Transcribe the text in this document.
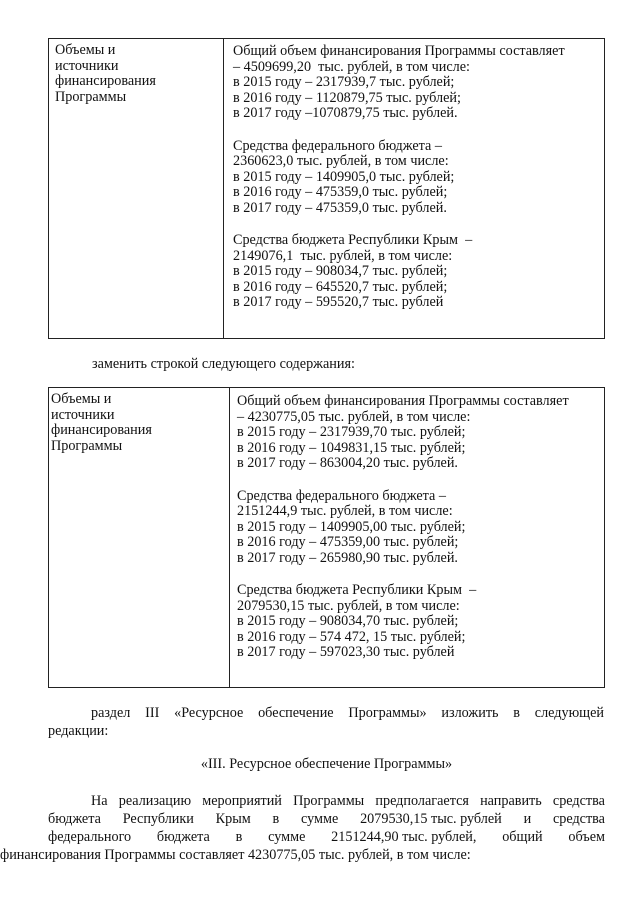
Объемы и
источники
финансирования
Программы
Общий объем финансирования Программы составляет
– 4509699,20  тыс. рублей, в том числе:
в 2015 году – 2317939,7 тыс. рублей;
в 2016 году – 1120879,75 тыс. рублей;
в 2017 году –1070879,75 тыс. рублей.
Средства федерального бюджета –
2360623,0 тыс. рублей, в том числе:
в 2015 году – 1409905,0 тыс. рублей;
в 2016 году – 475359,0 тыс. рублей;
в 2017 году – 475359,0 тыс. рублей.
Средства бюджета Республики Крым  –
2149076,1  тыс. рублей, в том числе:
в 2015 году – 908034,7 тыс. рублей;
в 2016 году – 645520,7 тыс. рублей;
в 2017 году – 595520,7 тыс. рублей
заменить строкой следующего содержания:
Объемы и
источники
финансирования
Программы
Общий объем финансирования Программы составляет
– 4230775,05 тыс. рублей, в том числе:
в 2015 году – 2317939,70 тыс. рублей;
в 2016 году – 1049831,15 тыс. рублей;
в 2017 году – 863004,20 тыс. рублей.
Средства федерального бюджета –
2151244,9 тыс. рублей, в том числе:
в 2015 году – 1409905,00 тыс. рублей;
в 2016 году – 475359,00 тыс. рублей;
в 2017 году – 265980,90 тыс. рублей.
Средства бюджета Республики Крым  –
2079530,15 тыс. рублей, в том числе:
в 2015 году – 908034,70 тыс. рублей;
в 2016 году – 574 472, 15 тыс. рублей;
в 2017 году – 597023,30 тыс. рублей
раздел III «Ресурсное обеспечение Программы» изложить в следующей
редакции:
«III. Ресурсное обеспечение Программы»
На реализацию мероприятий Программы предполагается направить средства
бюджета Республики Крым в сумме 2079530,15 тыс. рублей и средства
федерального бюджета в сумме 2151244,90 тыс. рублей, общий объем
финансирования Программы составляет 4230775,05 тыс. рублей, в том числе:
